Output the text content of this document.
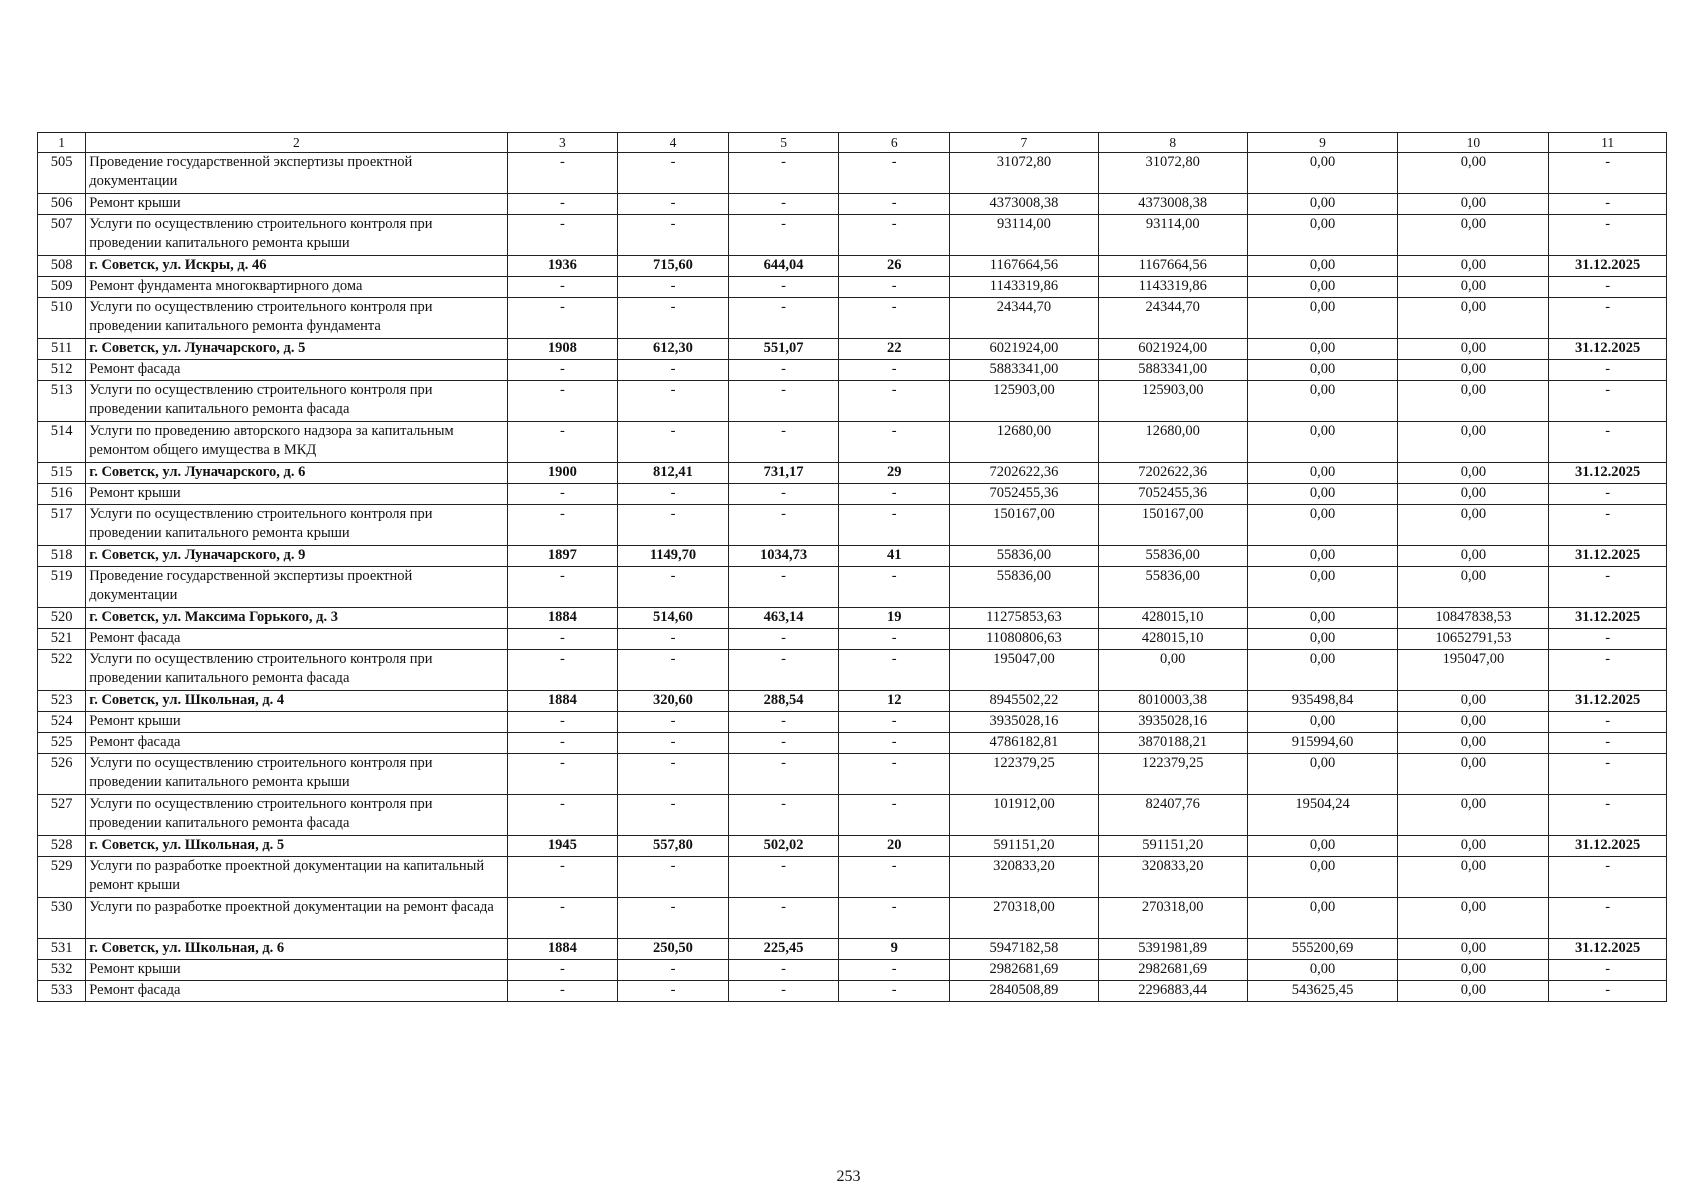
1	2	3	4	5	6	7	8	9	10	11
505	Проведение государственной экспертизы проектной документации	-	-	-	-	31072,80	31072,80	0,00	0,00	-
506	Ремонт крыши	-	-	-	-	4373008,38	4373008,38	0,00	0,00	-
507	Услуги по осуществлению строительного контроля при проведении капитального ремонта крыши	-	-	-	-	93114,00	93114,00	0,00	0,00	-
508	г. Советск, ул. Искры, д. 46	1936	715,60	644,04	26	1167664,56	1167664,56	0,00	0,00	31.12.2025
509	Ремонт фундамента многоквартирного дома	-	-	-	-	1143319,86	1143319,86	0,00	0,00	-
510	Услуги по осуществлению строительного контроля при проведении капитального ремонта фундамента	-	-	-	-	24344,70	24344,70	0,00	0,00	-
511	г. Советск, ул. Луначарского, д. 5	1908	612,30	551,07	22	6021924,00	6021924,00	0,00	0,00	31.12.2025
512	Ремонт фасада	-	-	-	-	5883341,00	5883341,00	0,00	0,00	-
513	Услуги по осуществлению строительного контроля при проведении капитального ремонта фасада	-	-	-	-	125903,00	125903,00	0,00	0,00	-
514	Услуги по проведению авторского надзора за капитальным ремонтом общего имущества в МКД	-	-	-	-	12680,00	12680,00	0,00	0,00	-
515	г. Советск, ул. Луначарского, д. 6	1900	812,41	731,17	29	7202622,36	7202622,36	0,00	0,00	31.12.2025
516	Ремонт крыши	-	-	-	-	7052455,36	7052455,36	0,00	0,00	-
517	Услуги по осуществлению строительного контроля при проведении капитального ремонта крыши	-	-	-	-	150167,00	150167,00	0,00	0,00	-
518	г. Советск, ул. Луначарского, д. 9	1897	1149,70	1034,73	41	55836,00	55836,00	0,00	0,00	31.12.2025
519	Проведение государственной экспертизы проектной документации	-	-	-	-	55836,00	55836,00	0,00	0,00	-
520	г. Советск, ул. Максима Горького, д. 3	1884	514,60	463,14	19	11275853,63	428015,10	0,00	10847838,53	31.12.2025
521	Ремонт фасада	-	-	-	-	11080806,63	428015,10	0,00	10652791,53	-
522	Услуги по осуществлению строительного контроля при проведении капитального ремонта фасада	-	-	-	-	195047,00	0,00	0,00	195047,00	-
523	г. Советск, ул. Школьная, д. 4	1884	320,60	288,54	12	8945502,22	8010003,38	935498,84	0,00	31.12.2025
524	Ремонт крыши	-	-	-	-	3935028,16	3935028,16	0,00	0,00	-
525	Ремонт фасада	-	-	-	-	4786182,81	3870188,21	915994,60	0,00	-
526	Услуги по осуществлению строительного контроля при проведении капитального ремонта крыши	-	-	-	-	122379,25	122379,25	0,00	0,00	-
527	Услуги по осуществлению строительного контроля при проведении капитального ремонта фасада	-	-	-	-	101912,00	82407,76	19504,24	0,00	-
528	г. Советск, ул. Школьная, д. 5	1945	557,80	502,02	20	591151,20	591151,20	0,00	0,00	31.12.2025
529	Услуги по разработке проектной документации на капитальный ремонт крыши	-	-	-	-	320833,20	320833,20	0,00	0,00	-
530	Услуги по разработке проектной документации на ремонт фасада	-	-	-	-	270318,00	270318,00	0,00	0,00	-
531	г. Советск, ул. Школьная, д. 6	1884	250,50	225,45	9	5947182,58	5391981,89	555200,69	0,00	31.12.2025
532	Ремонт крыши	-	-	-	-	2982681,69	2982681,69	0,00	0,00	-
533	Ремонт фасада	-	-	-	-	2840508,89	2296883,44	543625,45	0,00	-
253
